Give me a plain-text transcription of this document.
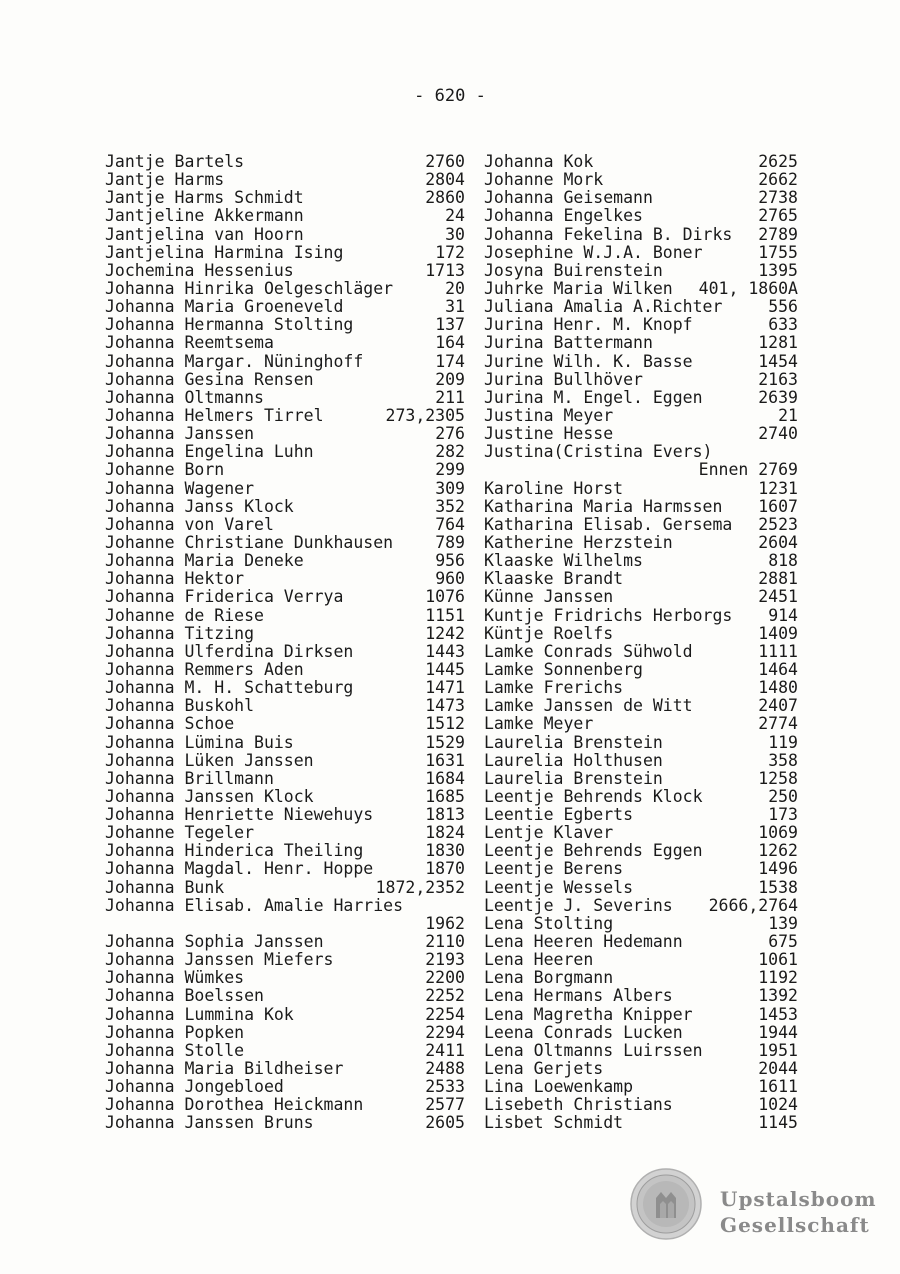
- 620 -
Jantje Bartels	2760
Jantje Harms	2804
Jantje Harms Schmidt	2860
Jantjeline Akkermann	24
Jantjelina van Hoorn	30
Jantjelina Harmina Ising	172
Jochemina Hessenius	1713
Johanna Hinrika Oelgeschläger	20
Johanna Maria Groeneveld	31
Johanna Hermanna Stolting	137
Johanna Reemtsema	164
Johanna Margar. Nüninghoff	174
Johanna Gesina Rensen	209
Johanna Oltmanns	211
Johanna Helmers Tirrel	273,2305
Johanna Janssen	276
Johanna Engelina Luhn	282
Johanne Born	299
Johanna Wagener	309
Johanna Janss Klock	352
Johanna von Varel	764
Johanne Christiane Dunkhausen	789
Johanna Maria Deneke	956
Johanna Hektor	960
Johanna Friderica Verrya	1076
Johanne de Riese	1151
Johanna Titzing	1242
Johanna Ulferdina Dirksen	1443
Johanna Remmers Aden	1445
Johanna M. H. Schatteburg	1471
Johanna Buskohl	1473
Johanna Schoe	1512
Johanna Lümina Buis	1529
Johanna Lüken Janssen	1631
Johanna Brillmann	1684
Johanna Janssen Klock	1685
Johanna Henriette Niewehuys	1813
Johanne Tegeler	1824
Johanna Hinderica Theiling	1830
Johanna Magdal. Henr. Hoppe	1870
Johanna Bunk	1872,2352
Johanna Elisab. Amalie Harries
1962
Johanna Sophia Janssen	2110
Johanna Janssen Miefers	2193
Johanna Wümkes	2200
Johanna Boelssen	2252
Johanna Lummina Kok	2254
Johanna Popken	2294
Johanna Stolle	2411
Johanna Maria Bildheiser	2488
Johanna Jongebloed	2533
Johanna Dorothea Heickmann	2577
Johanna Janssen Bruns	2605
Johanna Kok	2625
Johanne Mork	2662
Johanna Geisemann	2738
Johanna Engelkes	2765
Johanna Fekelina B. Dirks 2789
Josephine W.J.A. Boner	1755
Josyna Buirenstein	1395
Juhrke Maria Wilken 401, 1860A
Juliana Amalia A.Richter	556
Jurina Henr. M. Knopf	633
Jurina Battermann	1281
Jurine Wilh. K. Basse	1454
Jurina Bullhöver	2163
Jurina M. Engel. Eggen	2639
Justina Meyer	21
Justine Hesse	2740
Justina(Cristina Evers)
Ennen 2769
Karoline Horst	1231
Katharina Maria Harmssen 1607
Katharina Elisab. Gersema 2523
Katherine Herzstein	2604
Klaaske Wilhelms	818
Klaaske Brandt	2881
Künne Janssen	2451
Kuntje Fridrichs Herborgs 914
Küntje Roelfs	1409
Lamke Conrads Sühwold	1111
Lamke Sonnenberg	1464
Lamke Frerichs	1480
Lamke Janssen de Witt	2407
Lamke Meyer	2774
Laurelia Brenstein	119
Laurelia Holthusen	358
Laurelia Brenstein	1258
Leentje Behrends Klock	250
Leentie Egberts	173
Lentje Klaver	1069
Leentje Behrends Eggen	1262
Leentje Berens	1496
Leentje Wessels	1538
Leentje J. Severins 2666,2764
Lena Stolting	139
Lena Heeren Hedemann	675
Lena Heeren	1061
Lena Borgmann	1192
Lena Hermans Albers	1392
Lena Magretha Knipper	1453
Leena Conrads Lucken	1944
Lena Oltmanns Luirssen	1951
Lena Gerjets	2044
Lina Loewenkamp	1611
Lisebeth Christians	1024
Lisbet Schmidt	1145
Upstalsboom
Gesellschaft
